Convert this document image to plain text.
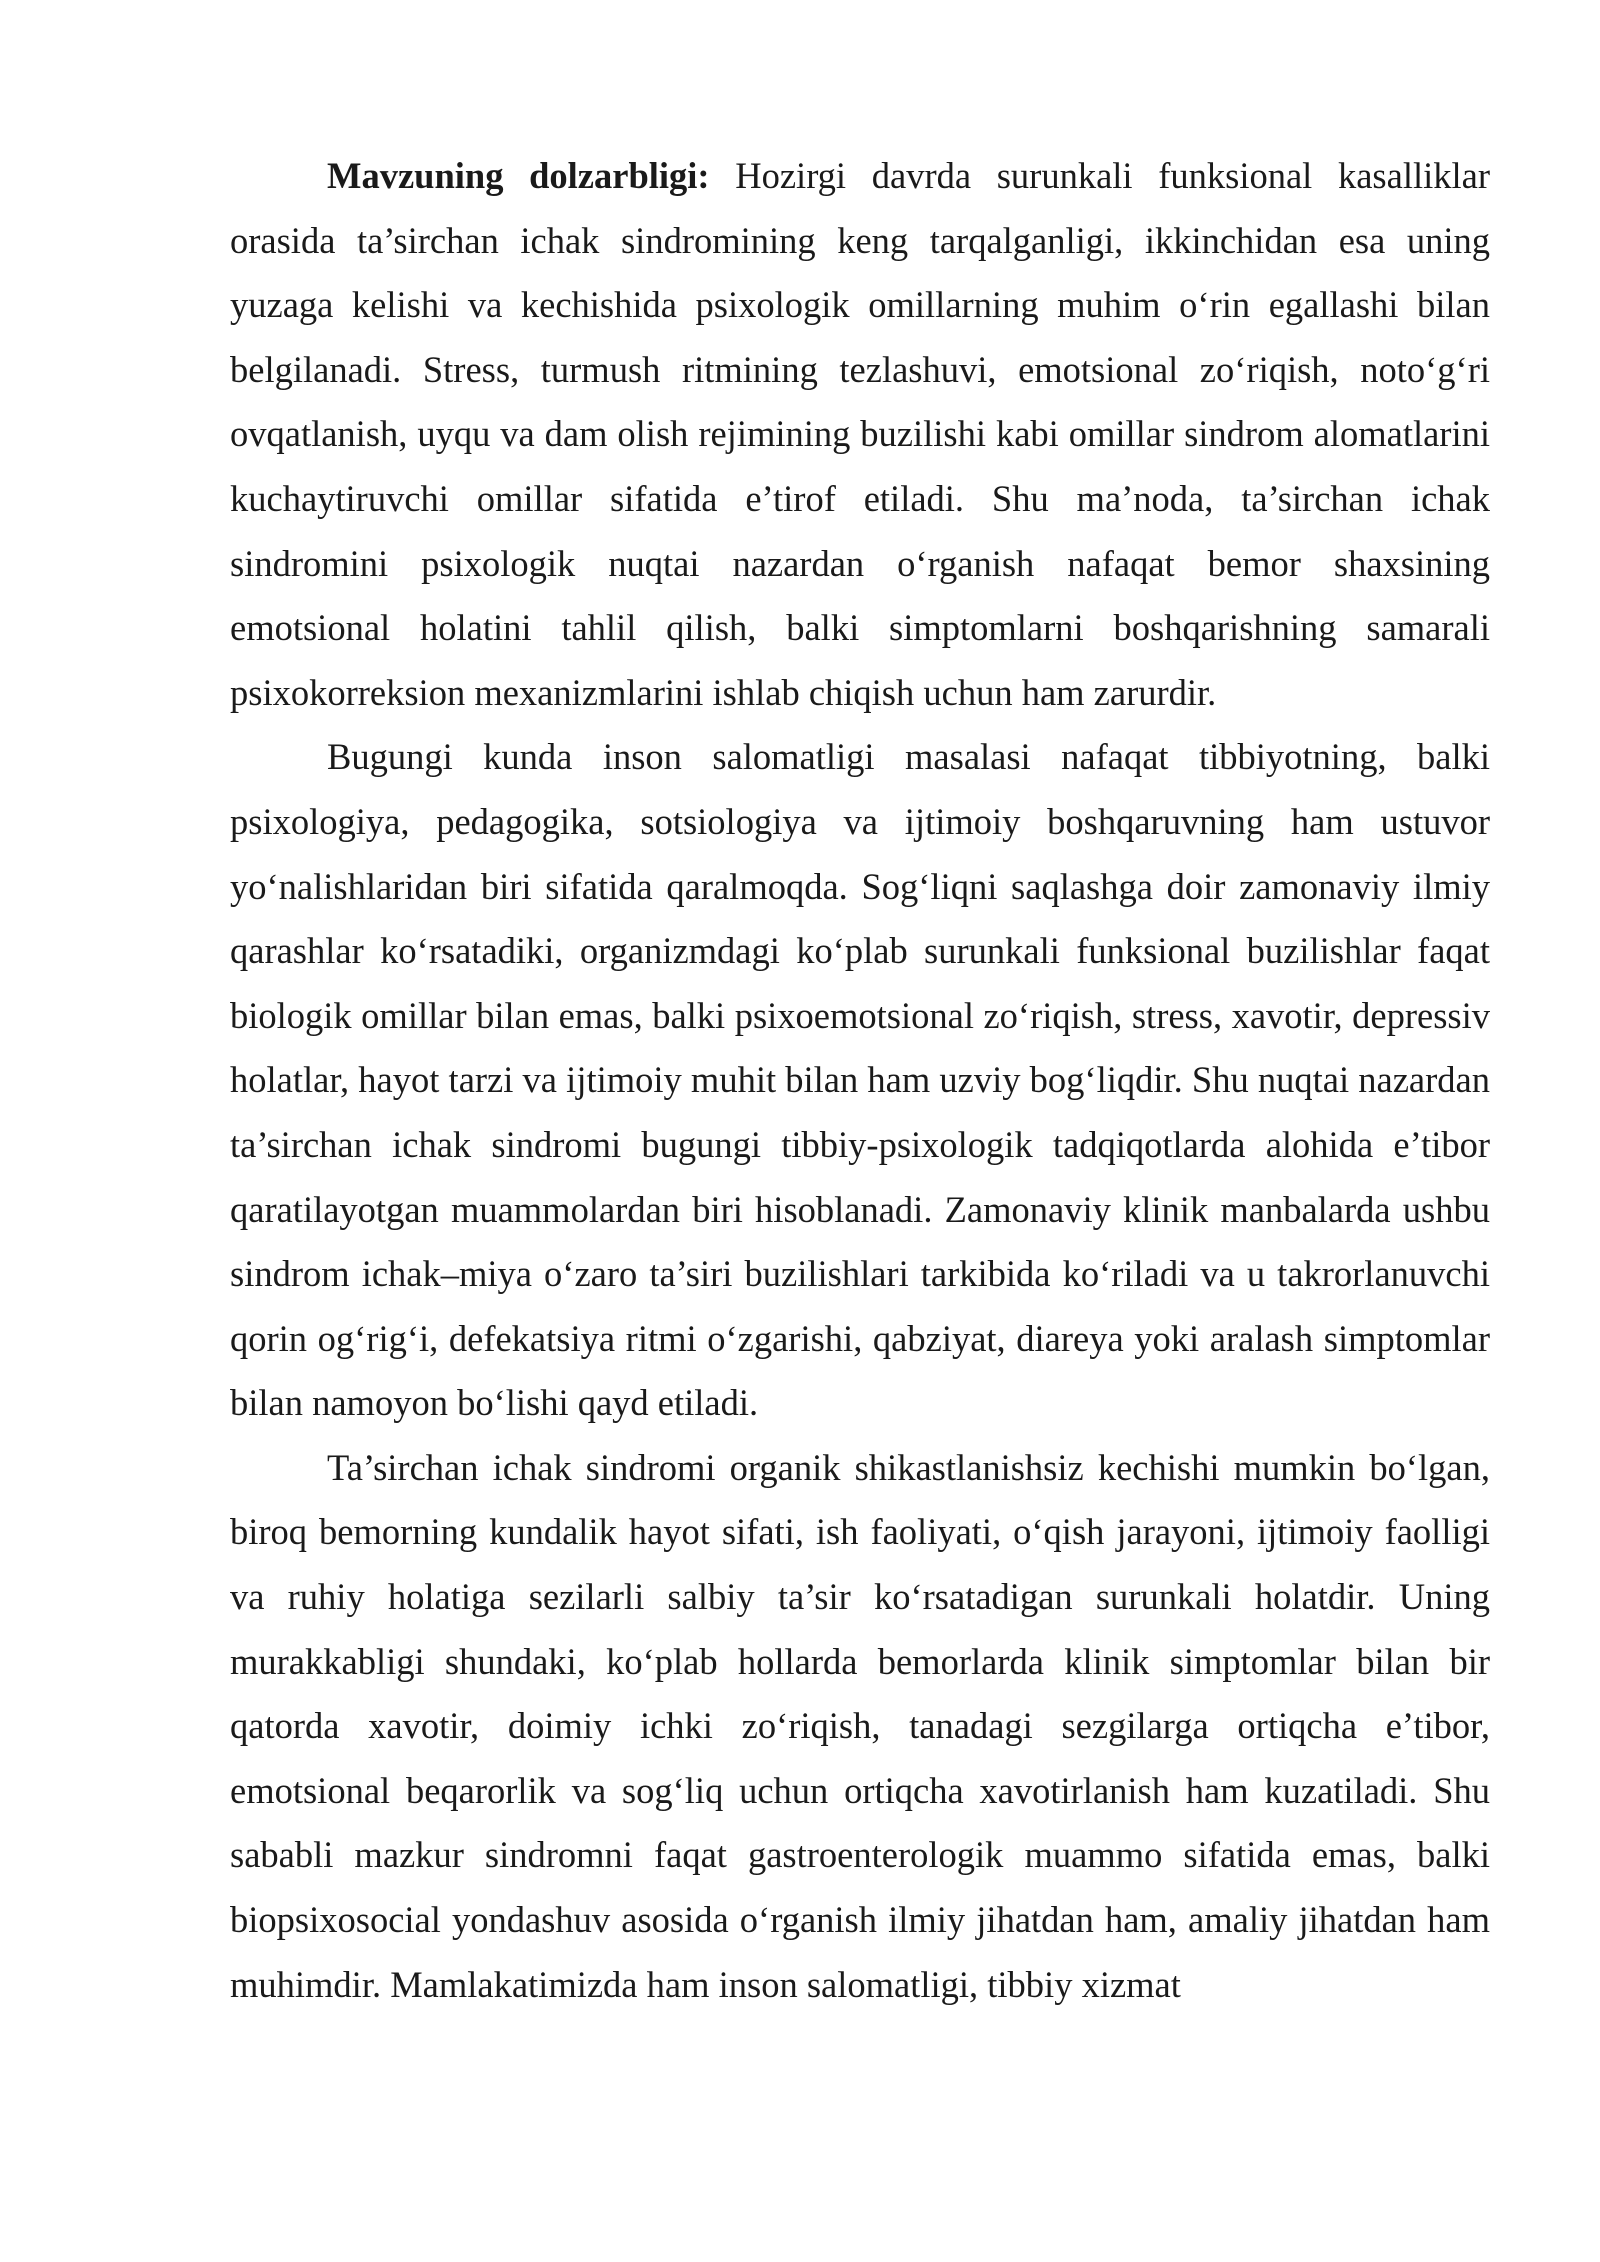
Mavzuning dolzarbligi: Hozirgi davrda surunkali funksional kasalliklar orasida ta’sirchan ichak sindromining keng tarqalganligi, ikkinchidan esa uning yuzaga kelishi va kechishida psixologik omillarning muhim o‘rin egallashi bilan belgilanadi. Stress, turmush ritmining tezlashuvi, emotsional zo‘riqish, noto‘g‘ri ovqatlanish, uyqu va dam olish rejimining buzilishi kabi omillar sindrom alomatlarini kuchaytiruvchi omillar sifatida e’tirof etiladi. Shu ma’noda, ta’sirchan ichak sindromini psixologik nuqtai nazardan o‘rganish nafaqat bemor shaxsining emotsional holatini tahlil qilish, balki simptomlarni boshqarishning samarali psixokorreksion mexanizmlarini ishlab chiqish uchun ham zarurdir.

Bugungi kunda inson salomatligi masalasi nafaqat tibbiyotning, balki psixologiya, pedagogika, sotsiologiya va ijtimoiy boshqaruvning ham ustuvor yo‘nalishlaridan biri sifatida qaralmoqda. Sog‘liqni saqlashga doir zamonaviy ilmiy qarashlar ko‘rsatadiki, organizmdagi ko‘plab surunkali funksional buzilishlar faqat biologik omillar bilan emas, balki psixoemotsional zo‘riqish, stress, xavotir, depressiv holatlar, hayot tarzi va ijtimoiy muhit bilan ham uzviy bog‘liqdir. Shu nuqtai nazardan ta’sirchan ichak sindromi bugungi tibbiy-psixologik tadqiqotlarda alohida e’tibor qaratilayotgan muammolardan biri hisoblanadi. Zamonaviy klinik manbalarda ushbu sindrom ichak–miya o‘zaro ta’siri buzilishlari tarkibida ko‘riladi va u takrorlanuvchi qorin og‘rig‘i, defekatsiya ritmi o‘zgarishi, qabziyat, diareya yoki aralash simptomlar bilan namoyon bo‘lishi qayd etiladi.

Ta’sirchan ichak sindromi organik shikastlanishsiz kechishi mumkin bo‘lgan, biroq bemorning kundalik hayot sifati, ish faoliyati, o‘qish jarayoni, ijtimoiy faolligi va ruhiy holatiga sezilarli salbiy ta’sir ko‘rsatadigan surunkali holatdir. Uning murakkabligi shundaki, ko‘plab hollarda bemorlarda klinik simptomlar bilan bir qatorda xavotir, doimiy ichki zo‘riqish, tanadagi sezgilarga ortiqcha e’tibor, emotsional beqarorlik va sog‘liq uchun ortiqcha xavotirlanish ham kuzatiladi. Shu sababli mazkur sindromni faqat gastroenterologik muammo sifatida emas, balki biopsixosocial yondashuv asosida o‘rganish ilmiy jihatdan ham, amaliy jihatdan ham muhimdir. Mamlakatimizda ham inson salomatligi, tibbiy xizmat
